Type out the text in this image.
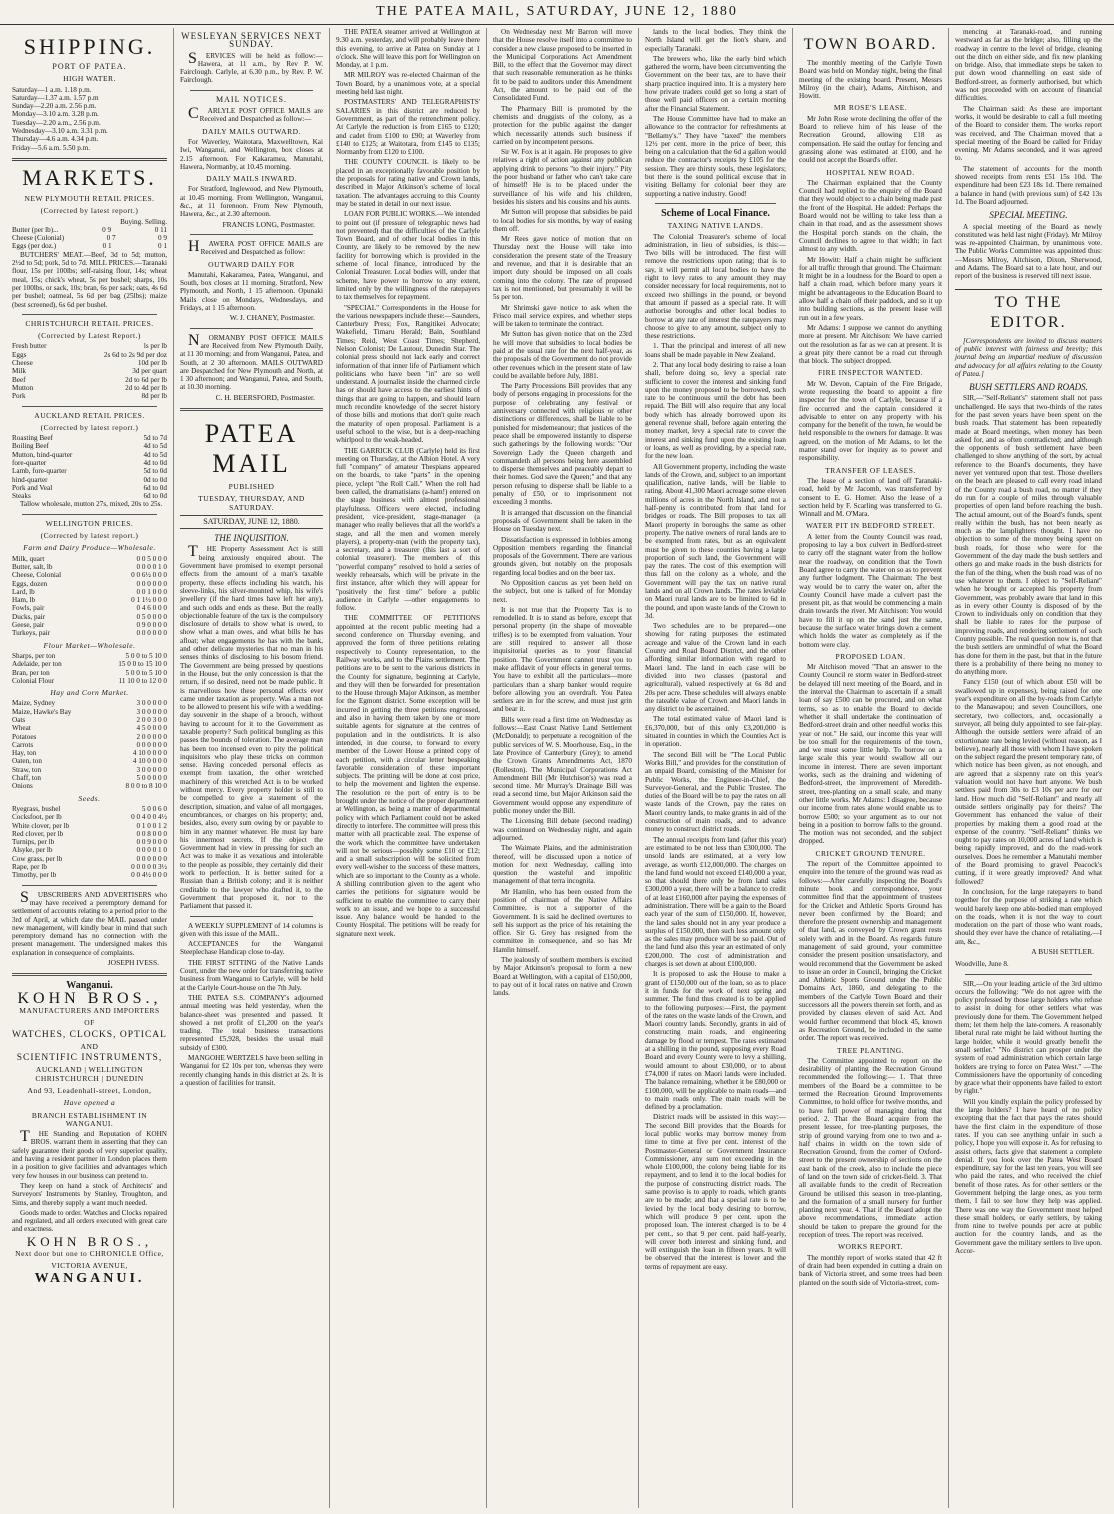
THE PATEA MAIL, SATURDAY, JUNE 12, 1880
SHIPPING.
PORT OF PATEA.
HIGH WATER.
Saturday—1 a.m. 1.18 p.m.
Saturday—1.37 a.m. 1.57 p.m
Sunday—2.20 a.m. 2.56 p.m.
Monday—3.10 a.m. 3.28 p.m.
Tuesday—2.20 a.m., 2.56 p.m.
Wednesday—3.10 a.m. 3.31 p.m.
Thursday—4.6 a.m. 4.34 p.m.
Friday—5.6 a.m. 5.50 p.m.
MARKETS.
NEW PLYMOUTH RETAIL PRICES.
(Corrected by latest report.)
Buying. Selling.
Butter (per lb)...	0 9	0 11
Cheese (Colonial)	0 7	0 9
Eggs (per doz.)	0 1	0 1

BUTCHERS' MEAT.—Beef, 3d to 5d; mutton, 2½d to 5d; pork, 5d to 7d. MILL PRICES.—Taranaki flour, 15s per 100lbs; self-raising flour, 14s; wheat meal, 15s; chick's wheat, 5s per bushel; sharps, 10s per 100lbs, or sack, 10s; bran, 6s per sack; oats, 4s 6d per bushel; oatmeal, 5s 6d per bag (25lbs); maize (best screened), 6s 6d per bushel.

CHRISTCHURCH RETAIL PRICES.
(Corrected by Latest Report.)
Fresh butter	ls per lb
Eggs	2s 6d to 2s 9d per doz
Cheese	10d per lb
Milk	3d per quart
Beef	2d to 6d per lb
Mutton	2d to 4d per lb
Pork	8d per lb
AUCKLAND RETAIL PRICES.
(Corrected by latest report.)
Roasting Beef	5d to 7d
Boiling Beef	4d to 5d
Mutton, hind-quarter	4d to 5d
fore-quarter	4d to 0d
Lamb, fore-quarter	5d to 0d
hind-quarter	0d to 0d
Pork and Veal	6d to 0d
Steaks	6d to 0d

Tallow wholesale, mutton 27s, mixed, 20s to 25s.

WELLINGTON PRICES.
(Corrected by latest report.)
Farm and Dairy Produce—Wholesale.
Milk, quart	0 0 5 0 0 0
Butter, salt, lb	0 0 0 0 1 0
Cheese, Colonial	0 0 6½ 0 0 0
Eggs, dozen	0 0 0 0 0 0
Lard, lb	0 0 1 0 0 0
Ham, lb	0 1 1½ 0 0 0
Fowls, pair	0 4 6 0 0 0
Ducks, pair	0 5 0 0 0 0
Geese, pair	0 9 0 0 0 0
Turkeys, pair	0 0 0 0 0 0
Flour Market—Wholesale.
Sharps, per ton	5 0 0 to 5 10 0
Adelaide, per ton	15 0 0 to 15 10 0
Bran, per ton	5 0 0 to 5 10 0
Colonial Flour	11 10 0 to 12 0 0
Hay and Corn Market.
Maize, Sydney	3 0 0 0 0 0
Maize, Hawke's Bay	3 0 0 0 0 0
Oats	2 0 0 3 0 0
Wheat	4 5 0 0 0 0
Potatoes	2 0 0 0 0 0
Carrots	0 0 0 0 0 0
Hay, ton	4 10 0 0 0 0
Oaten, ton	4 10 0 0 0 0
Straw, ton	3 0 0 0 0 0
Chaff, ton	5 0 0 0 0 0
Onions	8 0 0 to 8 10 0
Seeds.
Ryegrass, bushel	5 0 0 6 0
Cocksfoot, per lb	0 0 4 0 0 4½
White clover, per lb	0 1 0 0 1 2
Red clover, per lb	0 0 8 0 0 0
Turnips, per lb	0 0 9 0 0 0
Alsyke, per lb	0 0 0 0 1 0
Cow grass, per lb	0 0 0 0 0 0
Rape, per lb	0 0 0 0 0 3½
Timothy, per lb	0 0 4½ 0 0 0

SUBSCRIBERS AND ADVERTISERS who may have received a peremptory demand for settlement of accounts relating to a period prior to the 3rd of April, at which date the MAIL passed under new management, will kindly bear in mind that such peremptory demand has no connection with the present management. The undersigned makes this explanation in consequence of complaints.

JOSEPH IVESS.
Wanganui.
KOHN BROS.,
MANUFACTURERS AND IMPORTERS
OF
WATCHES, CLOCKS, OPTICAL
AND
SCIENTIFIC INSTRUMENTS,
AUCKLAND | WELLINGTON CHRISTCHURCH | DUNEDIN
And 93, Leadenhall-street, London,
Have opened a
BRANCH ESTABLISHMENT IN WANGANUI.

THE Standing and Reputation of KOHN BROS. warrant them in asserting that they can safely guarantee their goods of very superior quality, and having a resident partner in London places them in a position to give facilities and advantages which very few houses in our business can pretend to.

They keep on hand a stock of Architects' and Surveyors' Instruments by Stanley, Troughton, and Sims, and thereby supply a want much needed.

Goods made to order. Watches and Clocks repaired and regulated, and all orders executed with great care and exactness.

KOHN BROS.,
Next door but one to CHRONICLE Office,
VICTORIA AVENUE,
WANGANUI.
WESLEYAN SERVICES NEXT SUNDAY.

SERVICES will be held as follow:— Hawera, at 11 a.m., by Rev P. W. Fairclough. Carlyle, at 6.30 p.m., by Rev. P. W. Fairclough.

MAIL NOTICES.

CARLYLE POST OFFICE MAILS are Received and Despatched as follow:—

DAILY MAILS OUTWARD.

For Waverley, Waitotara, Maxwelltown, Kai Iwi, Wanganui, and Wellington, box closes at 2.15 afternoon. For Kakaramea, Manutahi, Hawera, Normanby, at 10.45 morning.

DAILY MAILS INWARD.

For Stratford, Inglewood, and New Plymouth, at 10.45 morning. From Wellington, Wanganui, &c., at 11 forenoon. From New Plymouth, Hawera, &c., at 2.30 afternoon.

FRANCIS LONG, Postmaster.

HAWERA POST OFFICE MAILS are Received and Despatched as follow:

OUTWARD DAILY FOR

Manutahi, Kakaramea, Patea, Wanganui, and South, box closes at 11 morning. Stratford, New Plymouth, and North, 1 15 afternoon. Opunaki Mails close on Mondays, Wednesdays, and Fridays, at 1 15 afternoon.

W. J. CHANEY, Postmaster.

NORMANBY POST OFFICE MAILS are Received from New Plymouth Daily, at 11 30 morning; and from Wanganui, Patea, and South, at 2 30 afternoon. MAILS OUTWARD are Despatched for New Plymouth and North, at 1 30 afternoon; and Wanganui, Patea, and South, at 10.30 morning.

C. H. BEERSFORD, Postmaster.
PATEA MAIL
PUBLISHED
TUESDAY, THURSDAY, AND SATURDAY.
SATURDAY, JUNE 12, 1880.
THE INQUISITION.

THE Property Assessment Act is still being anxiously enquired about. The Government have promised to exempt personal effects from the amount of a man's taxable property, these effects including his watch, his sleeve-links, his silver-mounted whip, his wife's jewellery (if the hard times have left her any), and such odds and ends as these. But the really objectionable feature of the tax is the compulsory disclosure of details to show what is owed, to show what a man owes, and what bills he has afloat; what engagements he has with the bank, and other delicate mysteries that no man in his senses thinks of disclosing to his bosom friend. The Government are being pressed by questions in the House, but the only concession is that the return, if so desired, need not be made public. It is marvellous how these personal effects ever came under taxation as property. Was a man not to be allowed to present his wife with a wedding-day souvenir in the shape of a brooch, without having to account for it to the Government as taxable property? Such political bungling as this passes the bounds of toleration. The average man has been too incensed even to pity the political inquisitors who play these tricks on common sense. Having conceded personal effects as exempt from taxation, the other wretched machinery of this wretched Act is to be worked without mercy. Every property holder is still to be compelled to give a statement of the description, situation, and value of all mortgages, encumbrances, or charges on his property; and, besides, also, every sum owing by or payable to him in any manner whatever. He must lay bare his innermost secrets. If the object the Government had in view in pressing for such an Act was to make it as vexatious and intolerable to the people as possible, they certainly did their work to perfection. It is better suited for a Russian than a British colony; and it is neither creditable to the lawyer who drafted it, to the Government that proposed it, nor to the Parliament that passed it.

A WEEKLY SUPPLEMENT of 14 columns is given with this issue of the MAIL.

ACCEPTANCES for the Wanganui Steeplechase Handicap close to-day.

THE FIRST SITTING of the Native Lands Court, under the new order for transferring native business from Wanganui to Carlyle, will be held at the Carlyle Court-house on the 7th July.

THE PATEA S.S. COMPANY's adjourned annual meeting was held yesterday, when the balance-sheet was presented and passed. It showed a net profit of £1,200 on the year's trading. The total business transactions represented £5,928, besides the usual mail subsidy of £300.

MANGOHE WERTZELS have been selling in Wanganui for £2 10s per ton, whereas they were recently changing hands in this district at 2s. It is a question of facilities for transit.

THE PATEA steamer arrived at Wellington at 9.30 a.m. yesterday, and will probably leave there this evening, to arrive at Patea on Sunday at 1 o'clock. She will leave this port for Wellington on Monday, at 1 p.m.

MR MILROY was re-elected Chairman of the Town Board, by a unanimous vote, at a special meeting held last night.

POSTMASTERS' AND TELEGRAPHISTS' SALARIES in this district are reduced by Government, as part of the retrenchment policy. At Carlyle the reduction is from £165 to £120; and cadet from £100 to £90; at Waverley from £140 to £125; at Waitotara, from £145 to £135; Normanby from £120 to £100.

THE COUNTY COUNCIL is likely to be placed in an exceptionally favorable position by the proposals for rating native and Crown lands, described in Major Atkinson's scheme of local taxation. The advantages accruing to this County may be stated in detail in our next issue.

LOAN FOR PUBLIC WORKS.—We intended to point out (if pressure of telegraphic news had not prevented) that the difficulties of the Carlyle Town Board, and of other local bodies in this County, are likely to be removed by the new facility for borrowing which is provided in the scheme of local finance, introduced by the Colonial Treasurer. Local bodies will, under that scheme, have power to borrow to any extent, limited only by the willingness of the ratepayers to tax themselves for repayment.

"SPECIAL" Correspondents in the House for the various newspapers include these:—Saunders, Canterbury Press; Fox, Rangitikei Advocate; Wakefield, Timaru Herald; Bain, Southland Times; Reid, West Coast Times; Shepherd, Nelson Colonist; De Lautour, Dunedin Star. The colonial press should not lack early and correct information of that inner life of Parliament which politicians who have been "in" are so well understand. A journalist inside the charmed circle has or should have access to the earliest hints of things that are going to happen, and should learn much recondite knowledge of the secret history of those bills and motions that don't quite reach the maturity of open proposal. Parliament is a useful school to the wise, but is a deep-reaching whirlpool to the weak-headed.

THE GARRICK CLUB (Carlyle) held its first meeting on Thursday, at the Albion Hotel. A very full "company" of amateur Thespians appeared on the boards, to take "parts" in the opening piece, yclept "the Roll Call." When the roll had been called, the dramatisians (a-ham!) entered on the stage business with almost professional playfulness. Officers were elected, including president, vice-president, stage-manager (a manager who really believes that all the world's a stage, and all the men and women merely players), a property-man (with the property tax), a secretary, and a treasurer (this last a sort of colonial treasurer). The members of this "powerful company" resolved to hold a series of weekly rehearsals, which will be private in the first instance, after which they will appear for "positively the first time" before a public audience in Carlyle —other engagements to follow.

THE COMMITTEE OF PETITIONS appointed at the recent public meeting had a second conference on Thursday evening, and approved the form of three petitions relating respectively to County representation, to the Railway works, and to the Plains settlement. The petitions are to be sent to the various districts in the County for signature, beginning at Carlyle, and they will then be forwarded for presentation to the House through Major Atkinson, as member for the Egmont district. Some exception will be incurred in getting the three petitions engrossed, and also in having them taken by one or more suitable agents for signature at the centres of population and in the outdistricts. It is also intended, in due course, to forward to every member of the Lower House a printed copy of each petition, with a circular letter bespeaking favorable consideration of these important subjects. The printing will be done at cost price, to help the movement and lighten the expense. The resolution re the port of entry is to be brought under the notice of the proper department at Wellington, as being a matter of departmental policy with which Parliament could not be asked directly to interfere. The committee will press this matter with all practicable zeal. The expense of the work which the committee have undertaken will not be serious—possibly some £10 or £12; and a small subscription will be solicited from every well-wisher to the success of these matters, which are so important to the County as a whole. A shilling contribution given to the agent who carries the petitions for signature would be sufficient to enable the committee to carry their work to an issue, and we hope to a successful issue. Any balance would be handed to the County Hospital. The petitions will be ready for signature next week.

On Wednesday next Mr Barron will move that the House resolve itself into a committee to consider a new clause proposed to be inserted in the Municipal Corporations Act Amendment Bill, to the effect that the Governor may direct that such reasonable remuneration as he thinks fit to be paid to auditors under this Amendment Act, the amount to be paid out of the Consolidated Fund.

The Pharmacy Bill is promoted by the chemists and druggists of the colony, as a protection for the public against the danger which necessarily attends such business if carried on by incompetent persons.

Sir W. Fox is at it again. He proposes to give relatives a right of action against any publican applying drink to persons "to their injury." Pity the poor husband or father who can't take care of himself! He is to be placed under the surveillance of his wife and his children, besides his sisters and his cousins and his aunts.

Mr Sutton will propose that subsidies be paid to local bodies for six months, by way of easing them off.

Mr Rees gave notice of motion that on Thursday next the House will take into consideration the present state of the Treasury and revenue, and that it is desirable that an import duty should be imposed on all coals coming into the colony. The rate of proposed tax is not mentioned, but presumably it will be 5s per ton.

Mr Shrimski gave notice to ask when the Frisco mail service expires, and whether steps will be taken to terminate the contract.

Mr Sutton has given notice that on the 23rd he will move that subsidies to local bodies be paid at the usual rate for the next half-year, as the proposals of the Government do not provide other revenues which in the present state of law could be available before July, 1881.

The Party Processions Bill provides that any body of persons engaging in processions for the purpose of celebrating any festival or anniversary connected with religious or other distinctions or differences, shall be liable to be punished for misdemeanour; that justices of the peace shall be empowered instantly to disperse such gatherings by the following words: "Our Sovereign Lady the Queen chargeth and commandeth all persons being here assembled to disperse themselves and peaceably depart to their homes. God save the Queen;" and that any person refusing to disperse shall be liable to a penalty of £50, or to imprisonment not exceeding 3 months.

It is arranged that discussion on the financial proposals of Government shall be taken in the House on Tuesday next.

Dissatisfaction is expressed in lobbies among Opposition members regarding the financial proposals of the Government. There are various grounds given, but notably on the proposals regarding local bodies and on the beer tax.

No Opposition caucus as yet been held on the subject, but one is talked of for Monday next.

It is not true that the Property Tax is to remodelled. It is to stand as before, except that personal property (in the shape of moveable trifles) is to be exempted from valuation. Your are still required to answer all those inquisitorial queries as to your financial position. The Government cannot trust you to make affidavit of your effects in general terms. You have to exhibit all the particulars—more particulars than a sharp banker would require before allowing you an overdraft. You Patea settlers are in for the screw, and must just grin and bear it.

Bills were read a first time on Wednesday as follows:—East Coast Native Land Settlement (McDonald); to perpetuate a recognition of the public services of W. S. Moorhouse, Esq., in the late Province of Canterbury (Grey); to amend the Crown Grants Amendments Act, 1870 (Rolleston). The Municipal Corporations Act Amendment Bill (Mr Hutchison's) was read a second time. Mr Murray's Drainage Bill was read a second time, but Major Atkinson said the Government would oppose any expenditure of public money under the Bill.

The Licensing Bill debate (second reading) was continued on Wednesday night, and again adjourned.

The Waimate Plains, and the administration thereof, will be discussed upon a notice of motion for next Wednesday, calling into question the wasteful and impolitic management of that terra incognita.

Mr Hamlin, who has been ousted from the position of chairman of the Native Affairs Committee, is not a supporter of the Government. It is said he declined overtures to sell his support as the price of his retaining the office. Sir G. Grey has resigned from the committee in consequence, and so has Mr Hamlin himself.

The jealously of southern members is excited by Major Atkinson's proposal to form a new Board at Wellington, with a capital of £150,000, to pay out of it local rates on native and Crown lands.

lands to the local bodies. They think the North Island will get the lion's share, and especially Taranaki.

The brewers who, like the early bird which gathered the worm, have been circumventing the Government on the beer tax, are to have their sharp practice inquired into. It is a mystery here how private traders could get so long a start of those well paid officers on a certain morning after the Financial Statement.

The House Committee have had to make an allowance to the contractor for refreshments at "Bellamy's." They have "taxed" the members 12½ per cent. more in the price of beer, this being on a calculation that the 6d a gallon would reduce the contractor's receipts by £105 for the session. They are thirsty souls, these legislators; but there is the sound political excuse that in visiting Bellamy for colonial beer they are supporting a native industry. Good!

Scheme of Local Finance.
TAXING NATIVE LANDS.

The Colonial Treasurer's scheme of local administration, in lieu of subsidies, is this:—Two bills will be introduced. The first will remove the restrictions upon rating; that is to say, it will permit all local bodies to have the right to levy rates to any amount they may consider necessary for local requirements, not to exceed two shillings in the pound, or beyond that amount if passed as a special rate. It will authorise boroughs and other local bodies to borrow at any rate of interest the ratepayers may choose to give to any amount, subject only to these restrictions.

1. That the principal and interest of all new loans shall be made payable in New Zealand.

2. That any local body desiring to raise a loan shall, before doing so, levy a special rate sufficient to cover the interest and sinking fund upon the money proposed to be borrowed, such rate to be continuous until the debt has been repaid. The Bill will also require that any local body which has already borrowed upon its general revenue shall, before again entering the money market, levy a special rate to cover the interest and sinking fund upon the existing loan or loans, as well as providing, by a special rate, for the new loan.

All Government property, including the waste lands of the Crown, and, subject to an important qualification, native lands, will be liable to rating. About 41,300 Maori acreage some eleven millions of acres in the North Island, and not a half-penny is contributed from that land for bridges or roads. The Bill proposes to tax all Maori property in boroughs the same as other property. The native owners of rural lands are to be exempted from rates, but as an equivalent must be given to these counties having a large proportion of such land, the Government will pay the rates. The cost of this exemption will thus fall on the colony as a whole, and the Government will pay the tax on native rural lands and on all Crown lands. The rates leviable on Maori rural lands are to be limited to 6d in the pound, and upon waste lands of the Crown to 3d.

Two schedules are to be prepared—one showing for rating purposes the estimated acreage and value of the Crown land in each County and Road Board District, and the other affording similar information with regard to Maori land. The land in each case will be divided into two classes (pastoral and agricultural), valued respectively at 6s 8d and 20s per acre. These schedules will always enable the rateable value of Crown and Maori lands in any district to be ascertained.

The total estimated value of Maori land is £6,370,000, but of this only £3,200,000 is situated in counties in which the Counties Act is in operation.

The second Bill will be "The Local Public Works Bill," and provides for the constitution of an unpaid Board, consisting of the Minister for Public Works, the Engineer-in-Chief, the Surveyor-General, and the Public Trustee. The duties of the Board will be to pay the rates on all waste lands of the Crown, pay the rates on Maori country lands, to make grants in aid of the construction of main roads, and to advance money to construct district roads.

The annual receipts from land (after this year) are estimated to be not less than £300,000. The unsold lands are estimated, at a very low average, as worth £12,000,000. The charges on the land fund would not exceed £140,000 a year, so that should there only be from land sales £300,000 a year, there will be a balance to credit of at least £160,000 after paying the expenses of administration. There will be a gain to the Board each year of the sum of £150,000. If, however, the land sales should not in any year produce a surplus of £150,000, then such less amount only as the sales may produce will be so paid. Out of the land fund also this year an estimated of only £200,000. The cost of administration and charges is set down at about £100,000.

It is proposed to ask the House to make a grant of £150,000 out of the loan, so as to place it in funds for the work of next spring and summer. The fund thus created is to be applied to the following purposes:—First, the payment of the rates on the waste lands of the Crown, and Maori country lands. Secondly, grants in aid of constructing main roads, and engineering damage by flood or tempest. The rates estimated at a shilling in the pound, supposing every Road Board and every County were to levy a shilling, would amount to about £30,000, or to about £74,000 if rates on Maori lands were included. The balance remaining, whether it be £80,000 or £100,000, will be applicable to main roads—and to main roads only. The main roads will be defined by a proclamation.

District roads will be assisted in this way:—The second Bill provides that the Boards for local public works may borrow money from time to time at five per cent. interest of the Postmaster-General or Government Insurance Commissioner, any sum not exceeding in the whole £100,000, the colony being liable for its repayment, and to lend it to the local bodies for the purpose of constructing district roads. The same proviso is to apply to roads, which grants are to be made; and that a special rate is to be levied by the local body desiring to borrow, which will produce 9 per cent. upon the proposed loan. The interest charged is to be 4 per cent., so that 9 per cent. paid half-yearly, will cover both interest and sinking fund, and will extinguish the loan in fifteen years. It will be observed that the interest is lower and the terms of repayment are easy.

TOWN BOARD.

The monthly meeting of the Carlyle Town Board was held on Monday night, being the final meeting of the existing board. Present, Messrs Milroy (in the chair), Adams, Aitchison, and Howitt.

MR ROSE'S LEASE.

Mr John Rose wrote declining the offer of the Board to relieve him of his lease of the Recreation Ground, allowing £18 as compensation. He said the outlay for fencing and grassing alone was estimated at £100, and he could not accept the Board's offer.

HOSPITAL NEW ROAD.

The Chairman explained that the County Council had replied to the enquiry of the Board that they would object to a chain being made past the front of the Hospital. He added: Perhaps the Board would not be willing to take less than a chain in that road, and as the assessment shows the Hospital porch stands on the chain, the Council declines to agree to that width; in fact almost to any width.

Mr Howitt: Half a chain might be sufficient for all traffic through that ground. The Chairman: It might be in a loudness for the Board to open a half a chain road, which before many years it might be advantageous to the Education Board to allow half a chain off their paddock, and so it up into building sections, as the present lease will run out in a few years.

Mr Adams: I suppose we cannot do anything more at present. Mr Aitchison: We have carried out the resolution as far as we can at present. It is a great pity there cannot be a road cut through that block. The subject dropped.

FIRE INSPECTOR WANTED.

Mr W. Devon, Captain of the Fire Brigade, wrote requesting the board to appoint a fire inspector for the town of Carlyle, because if a fire occurred and the captain considered it advisable to enter on any property with his company for the benefit of the town, he would be held responsible to the owners for damage. It was agreed, on the motion of Mr Adams, to let the matter stand over for inquiry as to power and responsibility.

TRANSFER OF LEASES.

The lease of a section of land off Taranaki-road, held by Mr Jacomb, was transferred by consent to E. G. Homer. Also the lease of a section held by F. Scarling was transferred to G. Winnall and M. O'Mara.

WATER PIT IN BEDFORD STREET.

A letter from the County Council was read, proposing to lay a box culvert in Bedford-street to carry off the stagnant water from the hollow near the roadway, on condition that the Town Board agree to carry the water on so as to prevent any further lodgment. The Chairman: The best way would be to carry the water on, after the County Council have made a culvert past the present pit, as that would be commencing a main drain towards the river. Mr Aitchison: You would have to fill it up on the sand just the same, because the surface water brings down a cement which holds the water as completely as if the bottom were clay.

PROPOSED LOAN.

Mr Aitchison moved "That an answer to the County Council re storm water in Bedford-street be delayed till next meeting of the Board, and in the interval the Chairman to ascertain if a small loan of say £500 can be procured, and on what terms, so as to enable the Board to decide whether it shall undertake the continuation of Bedford-street drain and other needful works this year or not." He said, our income this year will be too small for the requirements of the town, and we must some little help. To borrow on a large scale this year would swallow all our income in interest. There are seven important works, such as the draining and widening of Bedford-street, the improvement of Meredith-street, tree-planting on a small scale, and many other little works. Mr Adams: I disagree, because our income from rates alone would enable us to borrow £500; so your argument as to our not being in a position to borrow falls to the ground. The motion was not seconded, and the subject dropped.

CRICKET GROUND TENURE.

The report of the Committee appointed to enquire into the tenure of the ground was read as follows:—After carefully inspecting the Board's minute book and correspondence, your committee find that the appointment of trustees for the Cricket and Athletic Sports Ground has never been confirmed by the Board; and therefore the present ownership and management of that land, as conveyed by Crown grant rests solely with and in the Board. As regards future management of said ground, your committee consider the present position unsatisfactory, and would recommend that the Government be asked to issue an order in Council, bringing the Cricket and Athletic Sports Ground under the Public Domains Act, 1860, and delegating to the members of the Carlyle Town Board and their successors all the powers therein set forth, and as provided by clauses eleven of said Act. And would further recommend that block 45, known as Recreation Ground, be included in the same order. The report was received.

TREE PLANTING.

The Committee appointed to report on the desirability of planting the Recreation Ground recommended the following:— 1. That three members of the Board be a committee to be termed the Recreation Ground Improvements Committee, to hold office for twelve months, and to have full power of managing during that period. 2. That the Board acquire from the present lessee, for tree-planting purposes, the strip of ground varying from one to two and a-half chains in width on the town side of Recreation Ground, from the corner of Oxford-street to the present ownership of sections on the east bank of the creek, also to include the piece of land on the town side of cricket-field. 3. That all available funds to the credit of Recreation Ground be utilised this season in tree-planting, and the formation of a small nursery for further planting next year. 4. That if the Board adopt the above recommendations, immediate action should be taken to prepare the ground for the reception of trees. The report was received.

WORKS REPORT.

The monthly report of works stated that 42 ft of drain had been expended in cutting a drain on bank of Victoria street, and some trees had been planted on the south side of Victoria-street, com-

mencing at Taranaki-road, and running westward as far as the bridge; also, filling up the roadway in centre to the level of bridge, cleaning out the ditch on either side, and fix new planking on bridge. Also, that immediate steps be taken to put down wood channelling on east side of Bedford-street, as formerly authorised, but which was not proceeded with on account of financial difficulties.

The Chairman said: As these are important works, it would be desirable to call a full meeting of the Board to consider them. The works report was received, and The Chairman moved that a special meeting of the Board be called for Friday evening. Mr Adams seconded, and it was agreed to.

The statement of accounts for the month showed receipts from rents £51 15s 10d. The expenditure had been £23 18s 1d. There remained a balance in hand (with previous sum) of £42 13s 1d. The Board adjourned.

SPECIAL MEETING.

A special meeting of the Board as newly constituted was held last night (Friday). Mr Milroy was re-appointed Chairman, by unanimous vote. The Public Works Committee was appointed thus:—Messrs Milroy, Aitchison, Dixon, Sherwood, and Adams. The Board sat to a late hour, and our report of the business is reserved till next issue.

TO THE EDITOR.

[Correspondents are invited to discuss matters of public interest with fairness and brevity; this journal being an impartial medium of discussion and advocacy for all affairs relating to the County of Patea.]

BUSH SETTLERS AND ROADS.

SIR,—"Self-Reliant's" statement shall not pass unchallenged. He says that two-thirds of the rates for the past seven years have been spent on the bush roads. That statement has been repeatedly made at Board meetings, when money has been asked for, and as often contradicted; and although the opponents of bush settlement have been challenged to show anything of the sort, by actual reference to the Board's documents, they have never yet ventured upon that test. Those dwellers on the beach are pleased to call every road inland of the County road a bush road, no matter if they do run for a couple of miles through valuable properties of open land before reaching the bush. The actual amount, out of the Board's funds, spent really within the bush, has not been nearly as much as the lamplighters thought. I have no objection to some of the money being spent on bush roads, for those who were for the Government of the day made the bush settlers and others go and make roads in the bush districts for the fun of the thing, when the bush road was of no use whatever to them. I object to "Self-Reliant" when he brought or accepted his property from Government, was probably aware that land in this as in every other County is disposed of by the Crown to individuals only on condition that they shall be liable to rates for the purpose of improving roads, and rendering settlement of such County possible. The real question now is, not that the bush settlers are unmindful of what the Board has done for them in the past, but that in the future there is a probability of there being no money to do anything more.

Fancy £150 (out of which about £50 will be swallowed up in expenses), being raised for one year's expenditure on all the by-roads from Carlyle to the Manawapou; and seven Councillors, one secretary, two collectors, and, occasionally a surveyor, all being duly appointed to see fair-play. Although the outside settlers were afraid of an extortionate rate being levied (without reason, as I believe), nearly all those with whom I have spoken on the subject regard the present temporary rate, of which notice has been given, as not enough, and are agreed that a sixpenny rate on this year's valuation would not have hurt anyone. We bush settlers paid from 30s to £3 10s per acre for our land. How much did "Self-Reliant" and nearly all outside settlers originally pay for theirs? The Government has enhanced the value of their properties by making them a good road at the expense of the country. "Self-Reliant" thinks we ought to pay rates on 10,000 acres of land which is being rapidly improved, and do the road-work ourselves. Does he remember a Manutahi member of the Board promising to gravel Peacock's cutting, if it were greatly improved? And what followed?

In conclusion, for the large ratepayers to band together for the purpose of striking a rate which would barely keep one able-bodied man employed on the roads, when it is not the way to court moderation on the part of those who want roads, should they ever have the chance of retaliating.—I am, &c.,

A BUSH SETTLER.

Woodville, June 8.

SIR,—On your leading article of the 3rd ultimo occurs the following: "We do not agree with the policy professed by those large holders who refuse to assist in doing for other settlers what was previously done for them. The Government helped them; let them help the late-comers. A reasonably liberal rural rate might be laid without hurting the large holder, while it would greatly benefit the small settler." "No district can prosper under the system of road administration which certain large holders are trying to force on Patea West." —The Commissioners have the opportunity of conceding by grace what their opponents have failed to extort by right."

Will you kindly explain the policy professed by the large holders? I have heard of no policy excepting that the fact that pays the rates should have the first claim in the expenditure of those rates. If you can see anything unfair in such a policy, I hope you will expose it. As for refusing to assist others, facts give that statement a complete denial. If you look over the Patea West Board expenditure, say for the last ten years, you will see who paid the rates, and who received the chief benefit of those rates. As for other settlers or the Government helping the large ones, as you term them, I fail to see how they help was applied. There was one way the Government most helped these small holders, or early settlers, by taking from nine to twelve pounds per acre at public auction for the country lands, and as the Government gave the military settlers to live upon. Accor-
